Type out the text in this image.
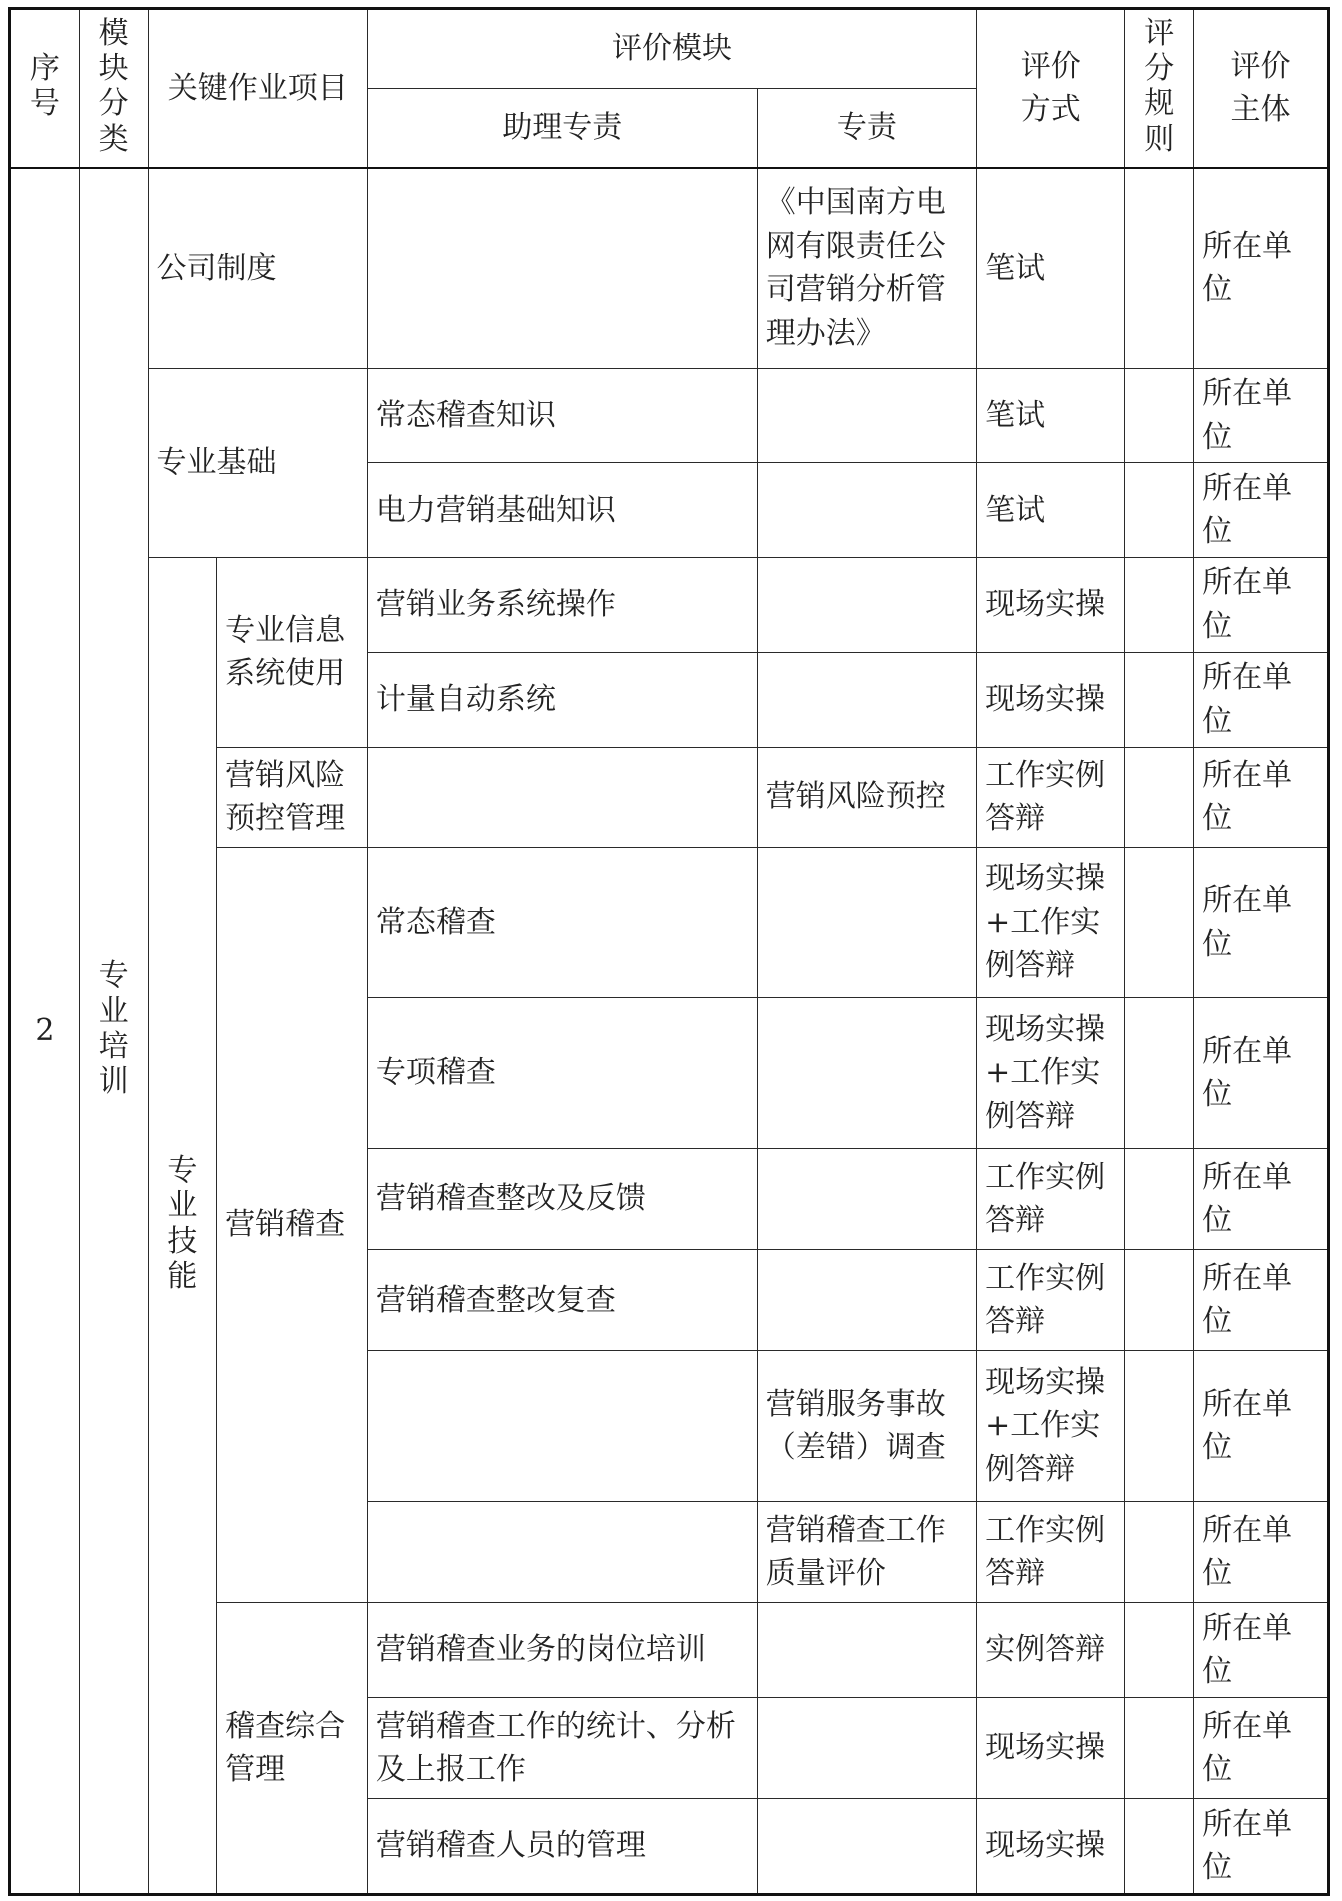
序号	模块分类	关键作业项目		评价模块		评价方式	评分规则	评价主体
				助理专责	专责			
2	专业培训	公司制度			《中国南方电网有限责任公司营销分析管理办法》	笔试		所在单位
		专业基础		常态稽查知识		笔试		所在单位
				电力营销基础知识		笔试		所在单位
		专业技能	专业信息系统使用	营销业务系统操作		现场实操		所在单位
				计量自动系统		现场实操		所在单位
			营销风险预控管理		营销风险预控	工作实例答辩		所在单位
			营销稽查	常态稽查		现场实操+工作实例答辩		所在单位
				专项稽查		现场实操+工作实例答辩		所在单位
				营销稽查整改及反馈		工作实例答辩		所在单位
				营销稽查整改复查		工作实例答辩		所在单位
					营销服务事故（差错）调查	现场实操+工作实例答辩		所在单位
					营销稽查工作质量评价	工作实例答辩		所在单位
			稽查综合管理	营销稽查业务的岗位培训		实例答辩		所在单位
				营销稽查工作的统计、分析及上报工作		现场实操		所在单位
				营销稽查人员的管理		现场实操		所在单位
